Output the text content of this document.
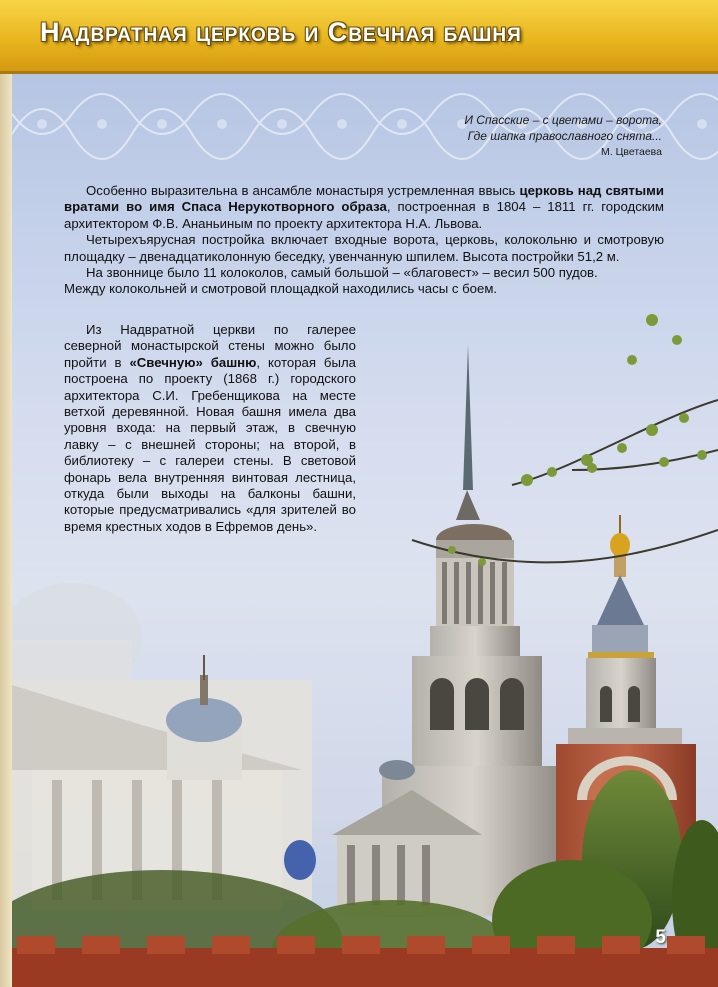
Надвратная церковь и Свечная башня
И Спасские – с цветами – ворота,
Где шапка православного снята...
М. Цветаева

Особенно выразительна в ансамбле монастыря устремленная ввысь церковь над святыми вратами во имя Спаса Нерукотворного образа, построенная в 1804 – 1811 гг. городским архитектором Ф.В. Ананьиным по проекту архитектора Н.А. Львова.

Четырехъярусная постройка включает входные ворота, церковь, колокольню и смотровую площадку – двенадцатиколонную беседку, увенчанную шпилем. Высота постройки 51,2 м.

На звоннице было 11 колоколов, самый большой – «благовест» – весил 500 пудов.

Между колокольней и смотровой площадкой находились часы с боем.

Из Надвратной церкви по галерее северной монастырской стены можно было пройти в «Свечную» башню, которая была построена по проекту (1868 г.) городского архитектора С.И. Гребенщикова на месте ветхой деревянной. Новая башня имела два уровня входа: на первый этаж, в свечную лавку – с внешней стороны; на второй, в библиотеку – с галереи стены. В световой фонарь вела внутренняя винтовая лестница, откуда были выходы на балконы башни, которые предусматривались «для зрителей во время крестных ходов в Ефремов день».

5
